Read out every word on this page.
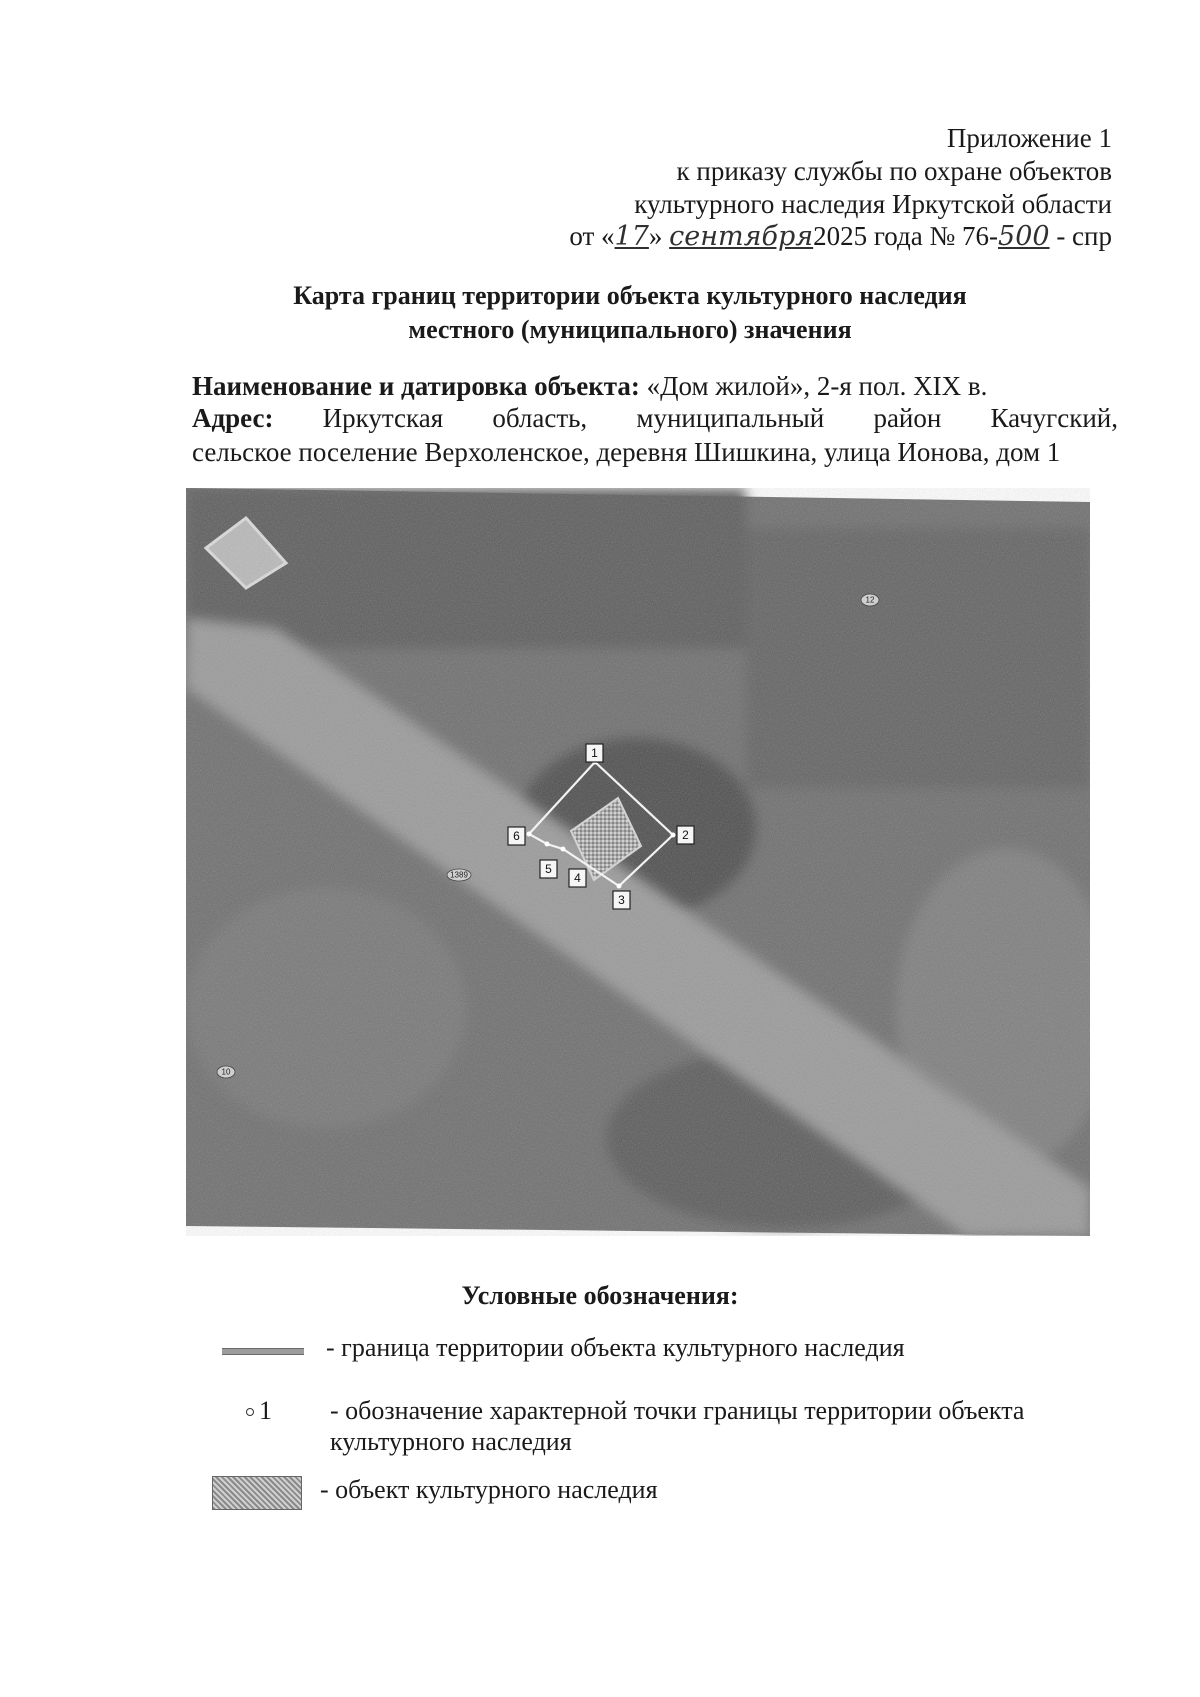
Приложение 1
к приказу службы по охране объектов
культурного наследия Иркутской области
от «17» сентября2025 года № 76-500 - спр
Карта границ территории объекта культурного наследия
местного (муниципального) значения
Наименование и датировка объекта: «Дом жилой», 2-я пол. XIX в.
Адрес: Иркутская область, муниципальный район Качугский,
сельское поселение Верхоленское, деревня Шишкина, улица Ионова, дом 1
1
2
3
4
5
6
12
1389
10
Условные обозначения:
- граница территории объекта культурного наследия
1 - обозначение характерной точки границы территории объекта
культурного наследия
- объект культурного наследия
